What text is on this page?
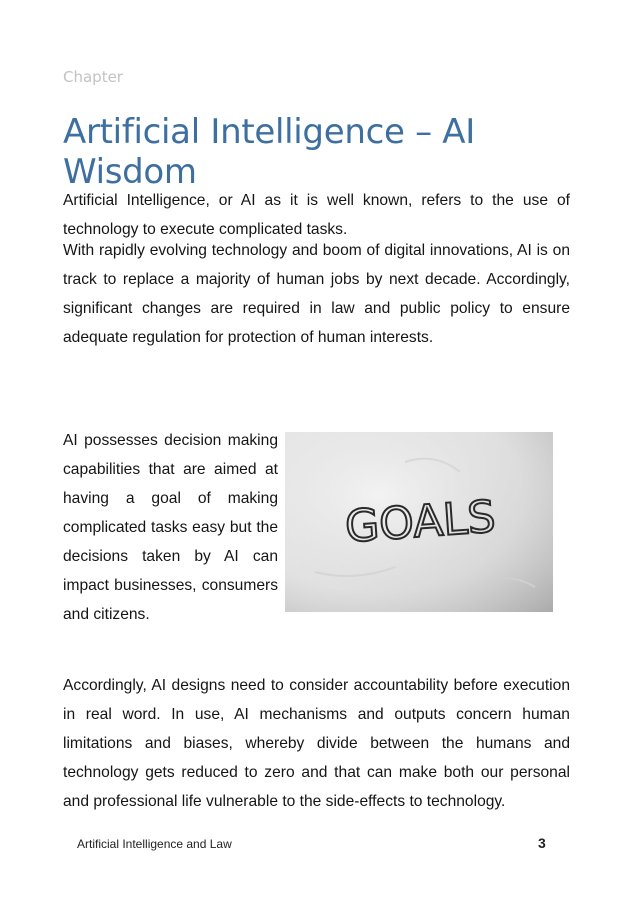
Chapter
Artificial Intelligence – AI Wisdom

Artificial Intelligence, or AI as it is well known, refers to the use of technology to execute complicated tasks.

With rapidly evolving technology and boom of digital innovations, AI is on track to replace a majority of human jobs by next decade. Accordingly, significant changes are required in law and public policy to ensure adequate regulation for protection of human interests.

AI possesses decision making capabilities that are aimed at having a goal of making complicated tasks easy but the decisions taken by AI can impact businesses, consumers and citizens.

GOALS

Accordingly, AI designs need to consider accountability before execution in real word. In use, AI mechanisms and outputs concern human limitations and biases, whereby divide between the humans and technology gets reduced to zero and that can make both our personal and professional life vulnerable to the side-effects to technology.

Artificial Intelligence and Law	3
